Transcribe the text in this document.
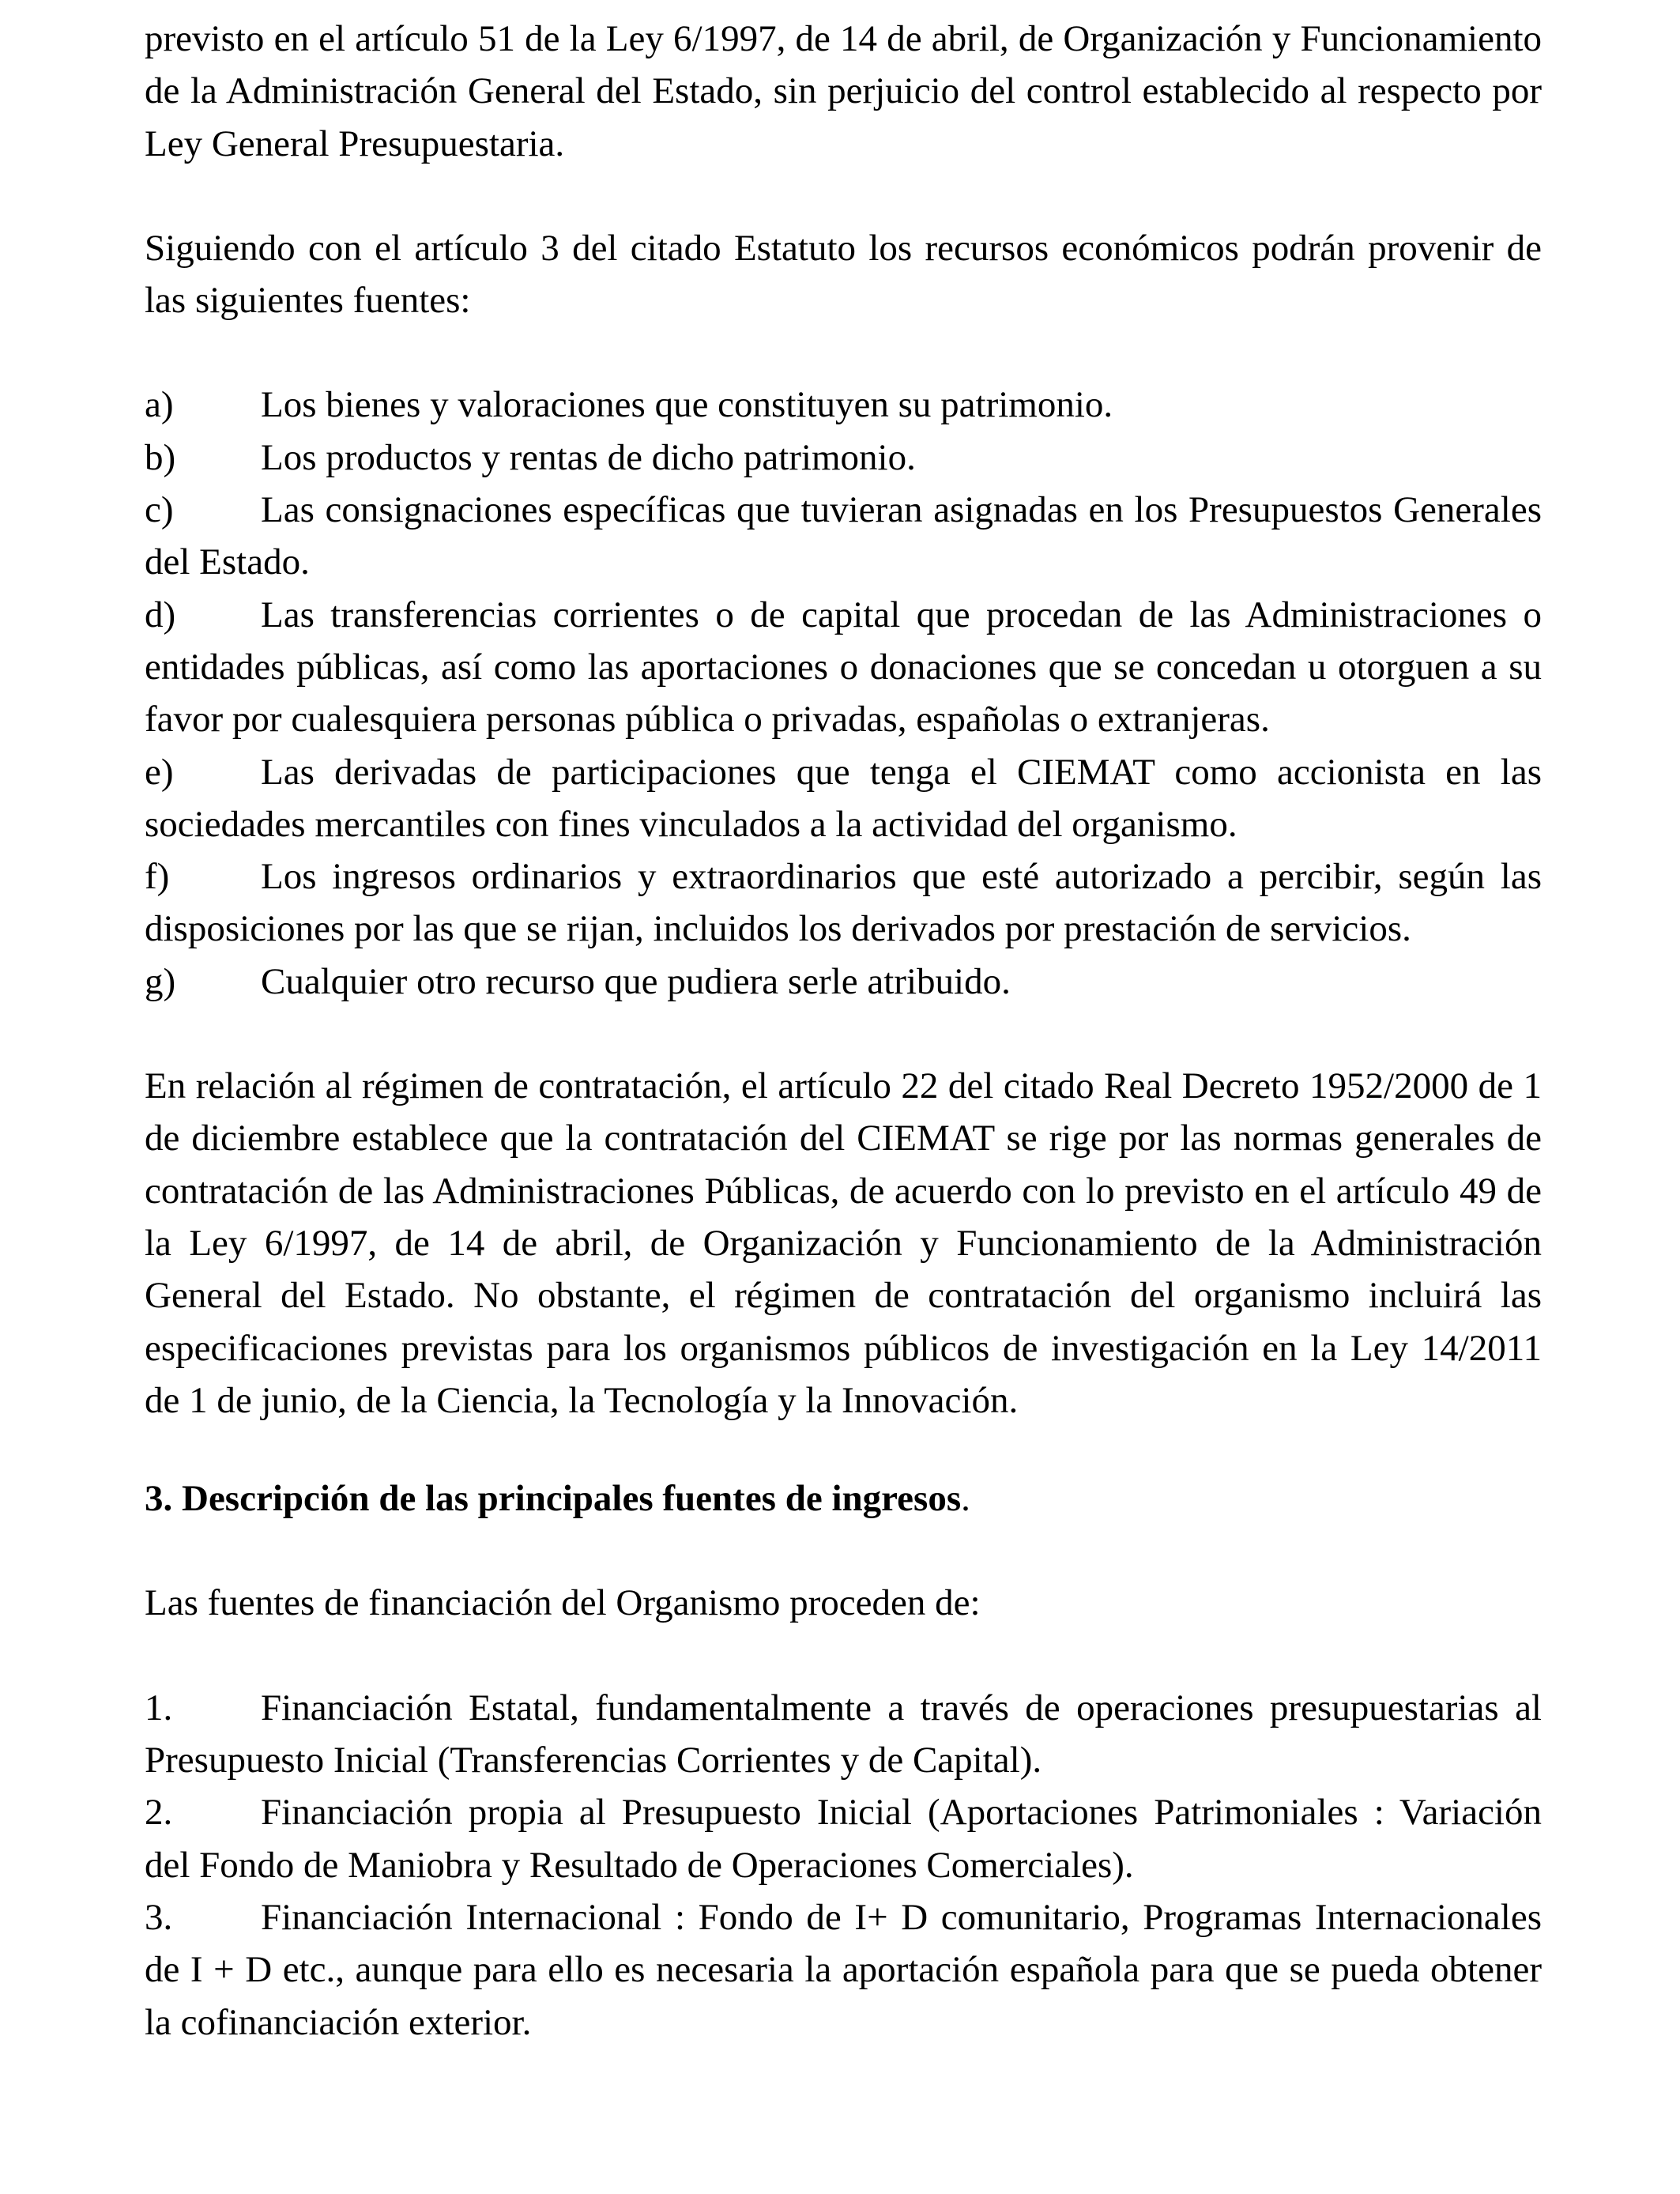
previsto en el artículo 51 de la Ley 6/1997, de 14 de abril, de Organización y Funcionamiento de la Administración General del Estado, sin perjuicio del control establecido al respecto por Ley General Presupuestaria.

Siguiendo con el artículo 3 del citado Estatuto los recursos económicos podrán provenir de las siguientes fuentes:

a) Los bienes y valoraciones que constituyen su patrimonio.

b) Los productos y rentas de dicho patrimonio.

c) Las consignaciones específicas que tuvieran asignadas en los Presupuestos Generales del Estado.

d) Las transferencias corrientes o de capital que procedan de las Administraciones o entidades públicas, así como las aportaciones o donaciones que se concedan u otorguen a su favor por cualesquiera personas pública o privadas, españolas o extranjeras.

e) Las derivadas de participaciones que tenga el CIEMAT como accionista en las sociedades mercantiles con fines vinculados a la actividad del organismo.

f) Los ingresos ordinarios y extraordinarios que esté autorizado a percibir, según las disposiciones por las que se rijan, incluidos los derivados por prestación de servicios.

g) Cualquier otro recurso que pudiera serle atribuido.

En relación al régimen de contratación, el artículo 22 del citado Real Decreto 1952/2000 de 1 de diciembre establece que la contratación del CIEMAT se rige por las normas generales de contratación de las Administraciones Públicas, de acuerdo con lo previsto en el artículo 49 de la Ley 6/1997, de 14 de abril, de Organización y Funcionamiento de la Administración General del Estado. No obstante, el régimen de contratación del organismo incluirá las especificaciones previstas para los organismos públicos de investigación en la Ley 14/2011 de 1 de junio, de la Ciencia, la Tecnología y la Innovación.

3. Descripción de las principales fuentes de ingresos.

Las fuentes de financiación del Organismo proceden de:

1. Financiación Estatal, fundamentalmente a través de operaciones presupuestarias al Presupuesto Inicial (Transferencias Corrientes y de Capital).

2. Financiación propia al Presupuesto Inicial (Aportaciones Patrimoniales : Variación del Fondo de Maniobra y Resultado de Operaciones Comerciales).

3. Financiación Internacional : Fondo de I+ D comunitario, Programas Internacionales de I + D etc., aunque para ello es necesaria la aportación española para que se pueda obtener la cofinanciación exterior.
